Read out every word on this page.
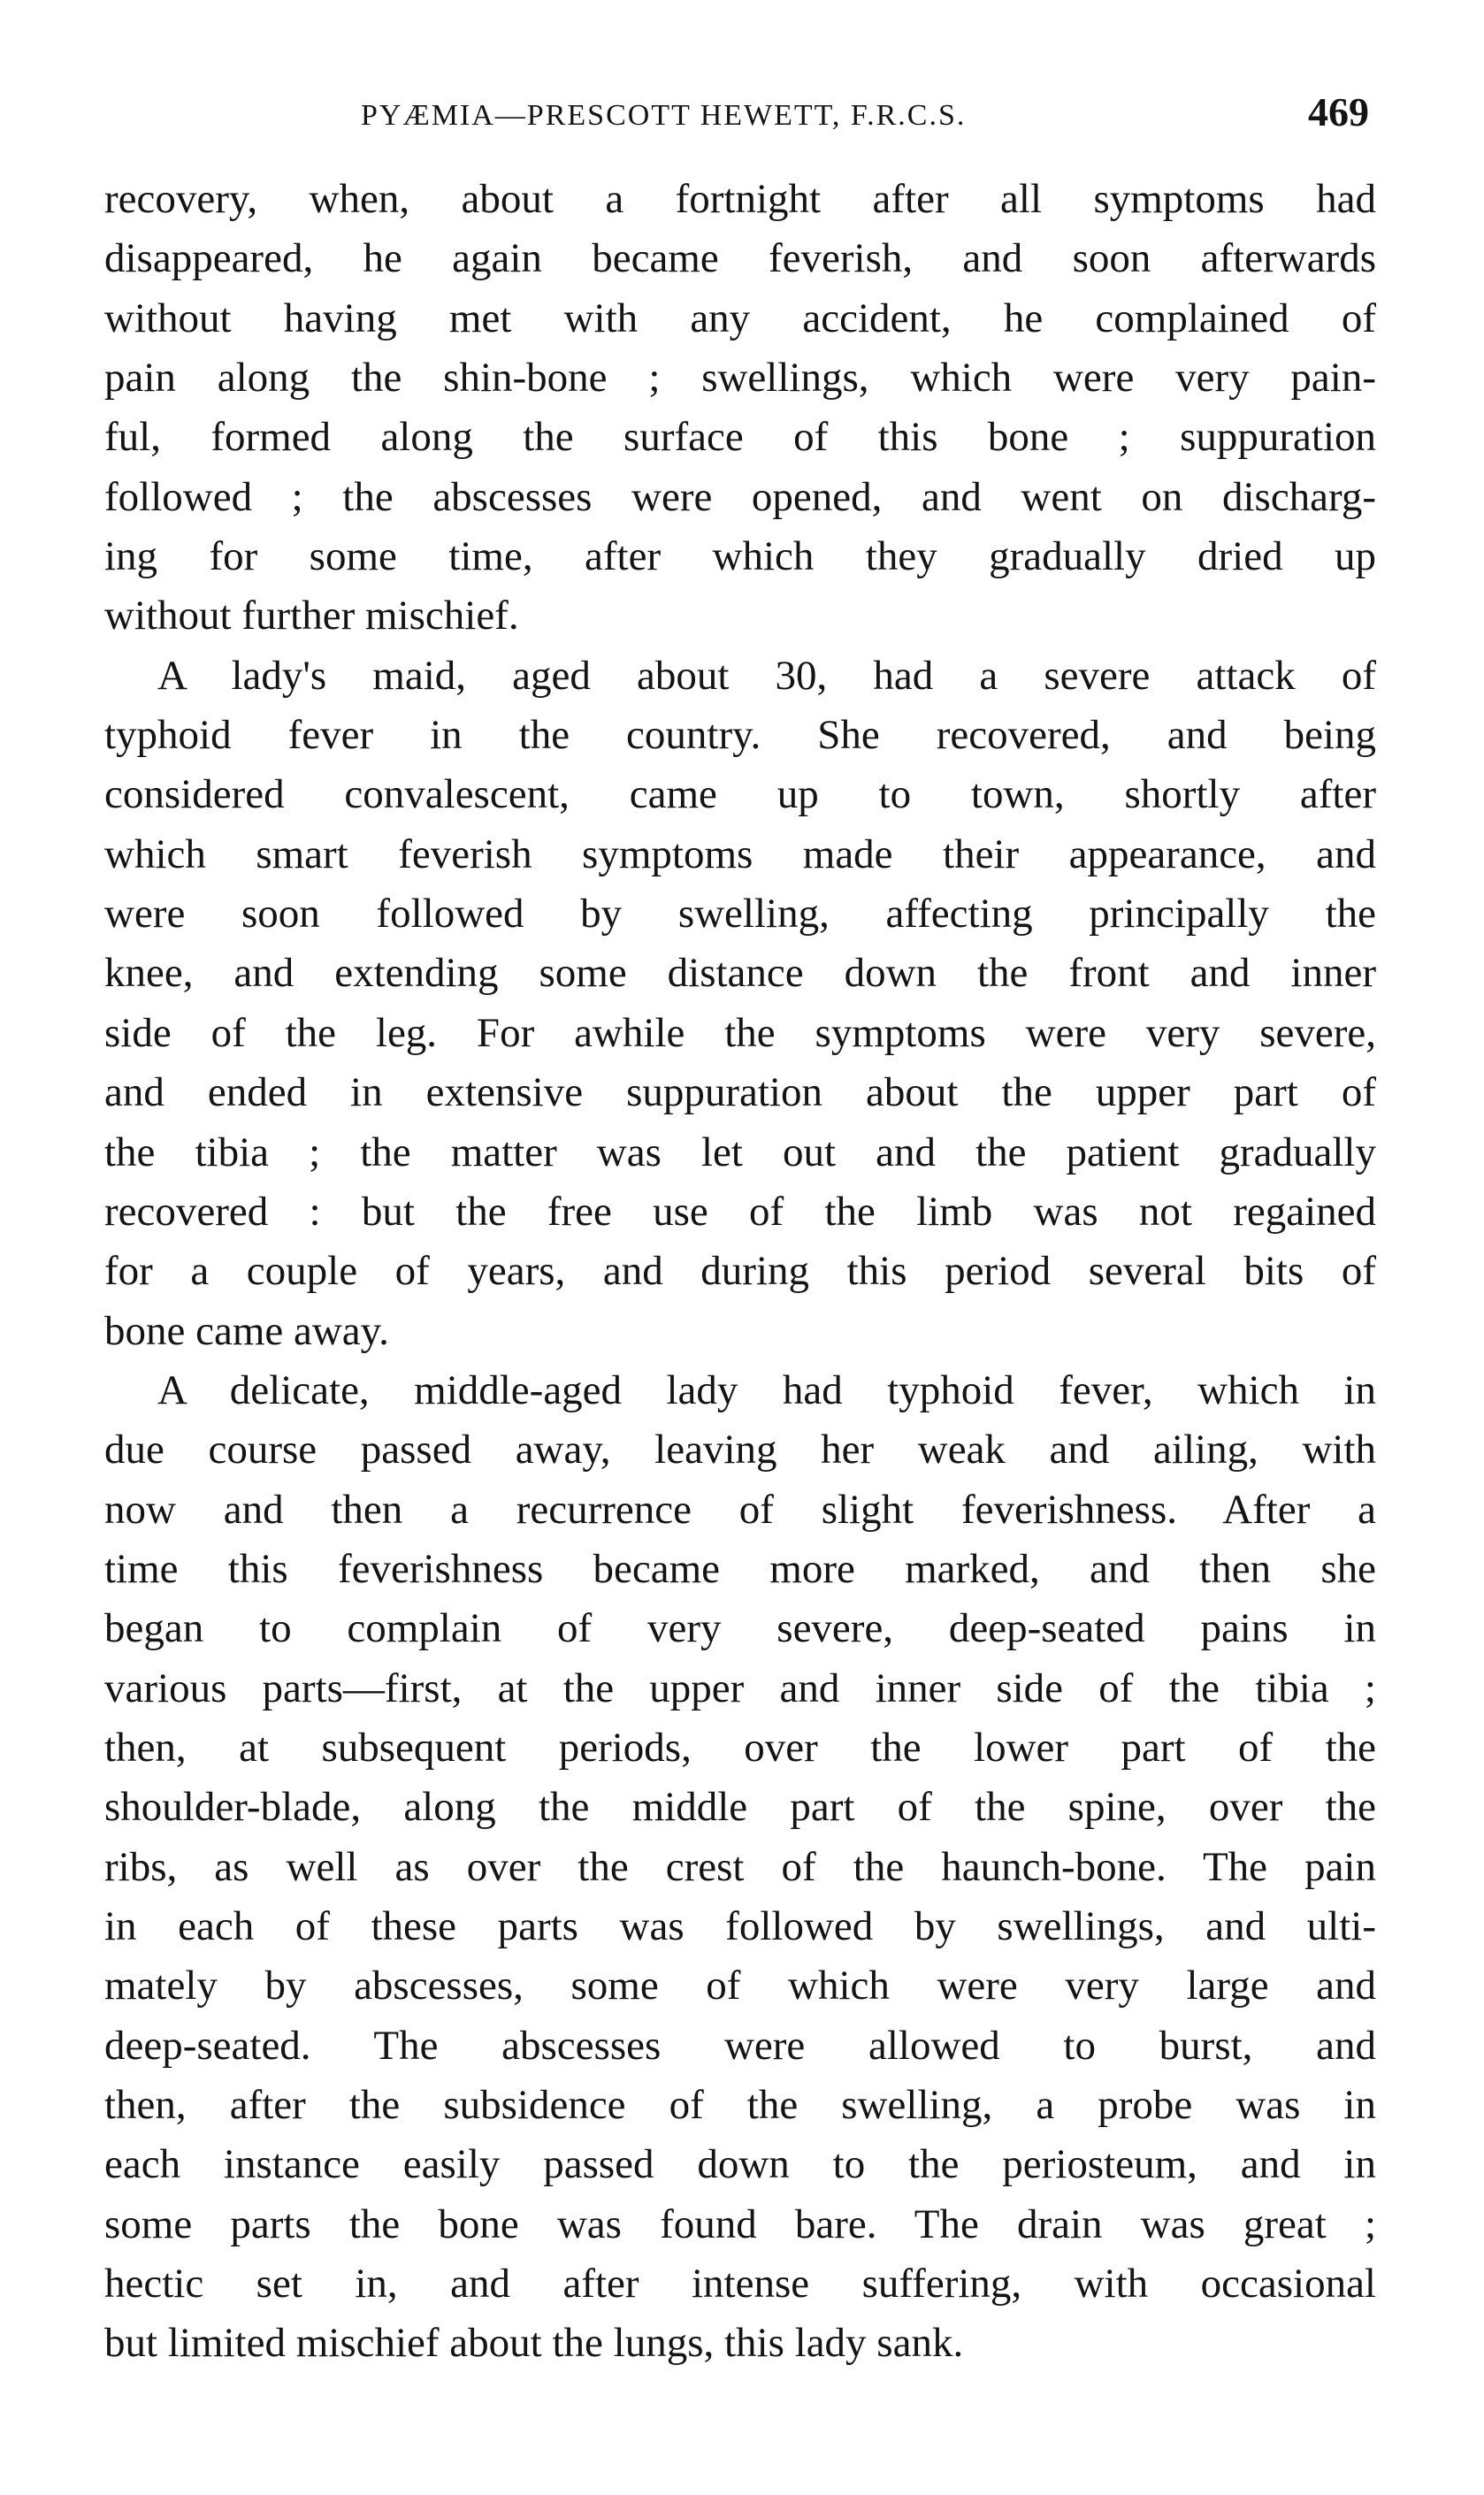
PYÆMIA—PRESCOTT HEWETT, F.R.C.S.	469
recovery, when, about a fortnight after all symptoms had
disappeared, he again became feverish, and soon afterwards
without having met with any accident, he complained of
pain along the shin-bone ; swellings, which were very pain-
ful, formed along the surface of this bone ; suppuration
followed ; the abscesses were opened, and went on discharg-
ing for some time, after which they gradually dried up
without further mischief.
A lady's maid, aged about 30, had a severe attack of
typhoid fever in the country. She recovered, and being
considered convalescent, came up to town, shortly after
which smart feverish symptoms made their appearance, and
were soon followed by swelling, affecting principally the
knee, and extending some distance down the front and inner
side of the leg. For awhile the symptoms were very severe,
and ended in extensive suppuration about the upper part of
the tibia ; the matter was let out and the patient gradually
recovered : but the free use of the limb was not regained
for a couple of years, and during this period several bits of
bone came away.
A delicate, middle-aged lady had typhoid fever, which in
due course passed away, leaving her weak and ailing, with
now and then a recurrence of slight feverishness. After a
time this feverishness became more marked, and then she
began to complain of very severe, deep-seated pains in
various parts—first, at the upper and inner side of the tibia ;
then, at subsequent periods, over the lower part of the
shoulder-blade, along the middle part of the spine, over the
ribs, as well as over the crest of the haunch-bone. The pain
in each of these parts was followed by swellings, and ulti-
mately by abscesses, some of which were very large and
deep-seated. The abscesses were allowed to burst, and
then, after the subsidence of the swelling, a probe was in
each instance easily passed down to the periosteum, and in
some parts the bone was found bare. The drain was great ;
hectic set in, and after intense suffering, with occasional
but limited mischief about the lungs, this lady sank.
